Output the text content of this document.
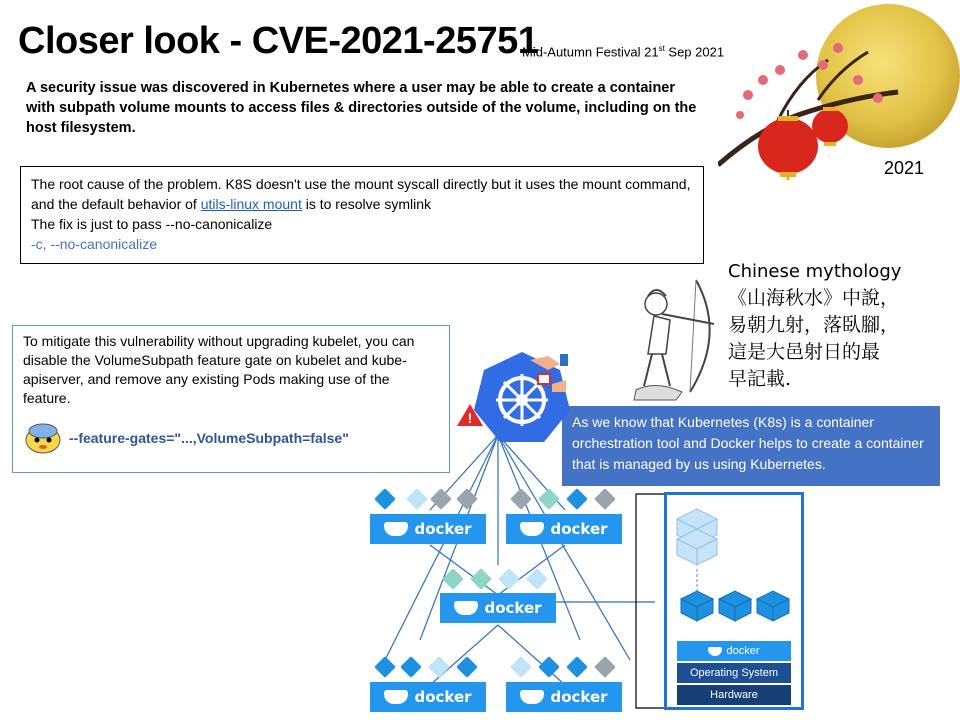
Closer look - CVE-2021-25751
Mid-Autumn Festival 21st Sep 2021
2021
A security issue was discovered in Kubernetes where a user may be able to create a container with subpath volume mounts to access files & directories outside of the volume, including on the host filesystem.
The root cause of the problem. K8S doesn't use the mount syscall directly but it uses the mount command, and the default behavior of utils-linux mount is to resolve symlink
The fix is just to pass --no-canonicalize
-c, --no-canonicalize
To mitigate this vulnerability without upgrading kubelet, you can disable the VolumeSubpath feature gate on kubelet and kube-apiserver, and remove any existing Pods making use of the feature.
--feature-gates="...,VolumeSubpath=false"
Chinese mythology
《山海秋水》中說，
易朝九射，落臥腳，
這是大邑射日的最
早記載.
As we know that Kubernetes (K8s) is a container orchestration tool and Docker helps to create a container that is managed by us using Kubernetes.
!
docker	docker
docker
docker	docker
docker
Operating System
Hardware
